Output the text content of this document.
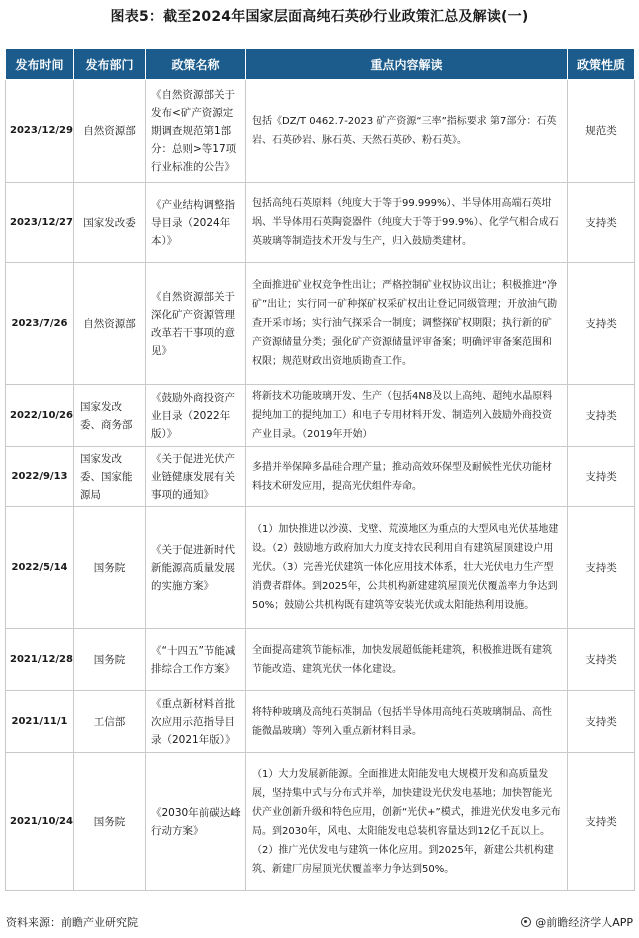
图表5：截至2024年国家层面高纯石英砂行业政策汇总及解读(一)
发布时间	发布部门	政策名称	重点内容解读	政策性质
2023/12/29	自然资源部	《自然资源部关于发布<矿产资源定期调查规范第1部分：总则>等17项行业标准的公告》	包括《DZ/T 0462.7-2023 矿产资源“三率”指标要求 第7部分：石英岩、石英砂岩、脉石英、天然石英砂、粉石英》。	规范类
2023/12/27	国家发改委	《产业结构调整指导目录（2024年本）》	包括高纯石英原料（纯度大于等于99.999%）、半导体用高端石英坩埚、半导体用石英陶瓷器件（纯度大于等于99.9%）、化学气相合成石英玻璃等制造技术开发与生产，归入鼓励类建材。	支持类
2023/7/26	自然资源部	《自然资源部关于深化矿产资源管理改革若干事项的意见》	全面推进矿业权竞争性出让；严格控制矿业权协议出让；积极推进“净矿”出让；实行同一矿种探矿权采矿权出让登记同级管理；开放油气勘查开采市场；实行油气探采合一制度；调整探矿权期限；执行新的矿产资源储量分类；强化矿产资源储量评审备案；明确评审备案范围和权限；规范财政出资地质勘查工作。	支持类
2022/10/26	国家发改委、商务部	《鼓励外商投资产业目录（2022年版）》	将新技术功能玻璃开发、生产（包括4N8及以上高纯、超纯水晶原料提纯加工的提纯加工）和电子专用材料开发、制造列入鼓励外商投资产业目录。（2019年开始）	支持类
2022/9/13	国家发改委、国家能源局	《关于促进光伏产业链健康发展有关事项的通知》	多措并举保障多晶硅合理产量；推动高效环保型及耐候性光伏功能材料技术研发应用，提高光伏组件寿命。	支持类
2022/5/14	国务院	《关于促进新时代新能源高质量发展的实施方案》	（1）加快推进以沙漠、戈壁、荒漠地区为重点的大型风电光伏基地建设。（2）鼓励地方政府加大力度支持农民利用自有建筑屋顶建设户用光伏。（3）完善光伏建筑一体化应用技术体系，壮大光伏电力生产型消费者群体。到2025年，公共机构新建建筑屋顶光伏覆盖率力争达到50%；鼓励公共机构既有建筑等安装光伏或太阳能热利用设施。	支持类
2021/12/28	国务院	《“十四五”节能减排综合工作方案》	全面提高建筑节能标准，加快发展超低能耗建筑，积极推进既有建筑节能改造、建筑光伏一体化建设。	支持类
2021/11/1	工信部	《重点新材料首批次应用示范指导目录（2021年版）》	将特种玻璃及高纯石英制品（包括半导体用高纯石英玻璃制品、高性能微晶玻璃）等列入重点新材料目录。	支持类
2021/10/24	国务院	《2030年前碳达峰行动方案》	（1）大力发展新能源。全面推进太阳能发电大规模开发和高质量发展，坚持集中式与分布式并举，加快建设光伏发电基地；加快智能光伏产业创新升级和特色应用，创新“光伏+”模式，推进光伏发电多元布局。到2030年，风电、太阳能发电总装机容量达到12亿千瓦以上。（2）推广光伏发电与建筑一体化应用。到2025年，新建公共机构建筑、新建厂房屋顶光伏覆盖率力争达到50%。	支持类
资料来源：前瞻产业研究院	@前瞻经济学人APP
